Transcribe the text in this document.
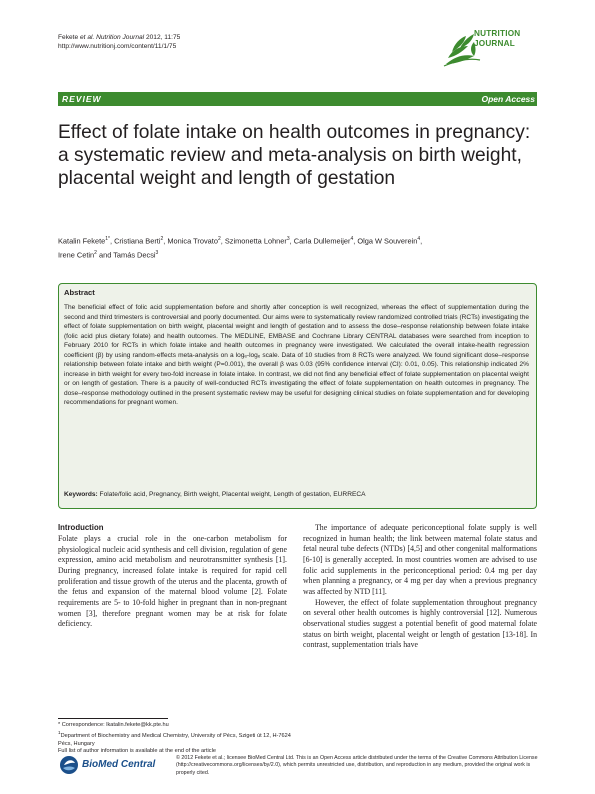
Fekete et al. Nutrition Journal 2012, 11:75
http://www.nutritionj.com/content/11/1/75
NUTRITION
JOURNAL
REVIEW	Open Access
Effect of folate intake on health outcomes in pregnancy: a systematic review and meta-analysis on birth weight, placental weight and length of gestation
Katalin Fekete$^{1*}$, Cristiana Berti$^2$, Monica Trovato$^2$, Szimonetta Lohner$^3$, Carla Dullemeijer$^4$, Olga W Souverein$^4$,
Irene Cetin$^2$ and Tamás Decsi$^3$
Abstract
The beneficial effect of folic acid supplementation before and shortly after conception is well recognized, whereas the effect of supplementation during the second and third trimesters is controversial and poorly documented. Our aims were to systematically review randomized controlled trials (RCTs) investigating the effect of folate supplementation on birth weight, placental weight and length of gestation and to assess the dose–response relationship between folate intake (folic acid plus dietary folate) and health outcomes. The MEDLINE, EMBASE and Cochrane Library CENTRAL databases were searched from inception to February 2010 for RCTs in which folate intake and health outcomes in pregnancy were investigated. We calculated the overall intake-health regression coefficient (β) by using random-effects meta-analysis on a logₑ-logₑ scale. Data of 10 studies from 8 RCTs were analyzed. We found significant dose–response relationship between folate intake and birth weight (P=0.001), the overall β was 0.03 (95% confidence interval (CI): 0.01, 0.05). This relationship indicated 2% increase in birth weight for every two-fold increase in folate intake. In contrast, we did not find any beneficial effect of folate supplementation on placental weight or on length of gestation. There is a paucity of well-conducted RCTs investigating the effect of folate supplementation on health outcomes in pregnancy. The dose–response methodology outlined in the present systematic review may be useful for designing clinical studies on folate supplementation and for developing recommendations for pregnant women.
Keywords: Folate/folic acid, Pregnancy, Birth weight, Placental weight, Length of gestation, EURRECA
Introduction

Folate plays a crucial role in the one-carbon metabolism for physiological nucleic acid synthesis and cell division, regulation of gene expression, amino acid metabolism and neurotransmitter synthesis [1]. During pregnancy, increased folate intake is required for rapid cell proliferation and tissue growth of the uterus and the placenta, growth of the fetus and expansion of the maternal blood volume [2]. Folate requirements are 5- to 10-fold higher in pregnant than in non-pregnant women [3], therefore pregnant women may be at risk for folate deficiency.

The importance of adequate periconceptional folate supply is well recognized in human health; the link between maternal folate status and fetal neural tube defects (NTDs) [4,5] and other congenital malformations [6-10] is generally accepted. In most countries women are advised to use folic acid supplements in the periconceptional period: 0.4 mg per day when planning a pregnancy, or 4 mg per day when a previous pregnancy was affected by NTD [11].

However, the effect of folate supplementation throughout pregnancy on several other health outcomes is highly controversial [12]. Numerous observational studies suggest a potential benefit of good maternal folate status on birth weight, placental weight or length of gestation [13-18]. In contrast, supplementation trials have

* Correspondence: lkatalin.fekete@kk.pte.hu
$^1$Department of Biochemistry and Medical Chemistry, University of Pécs, Szigeti út 12, H-7624 Pécs, Hungary
Full list of author information is available at the end of the article
BioMed Central
© 2012 Fekete et al.; licensee BioMed Central Ltd. This is an Open Access article distributed under the terms of the Creative Commons Attribution License (http://creativecommons.org/licenses/by/2.0), which permits unrestricted use, distribution, and reproduction in any medium, provided the original work is properly cited.
